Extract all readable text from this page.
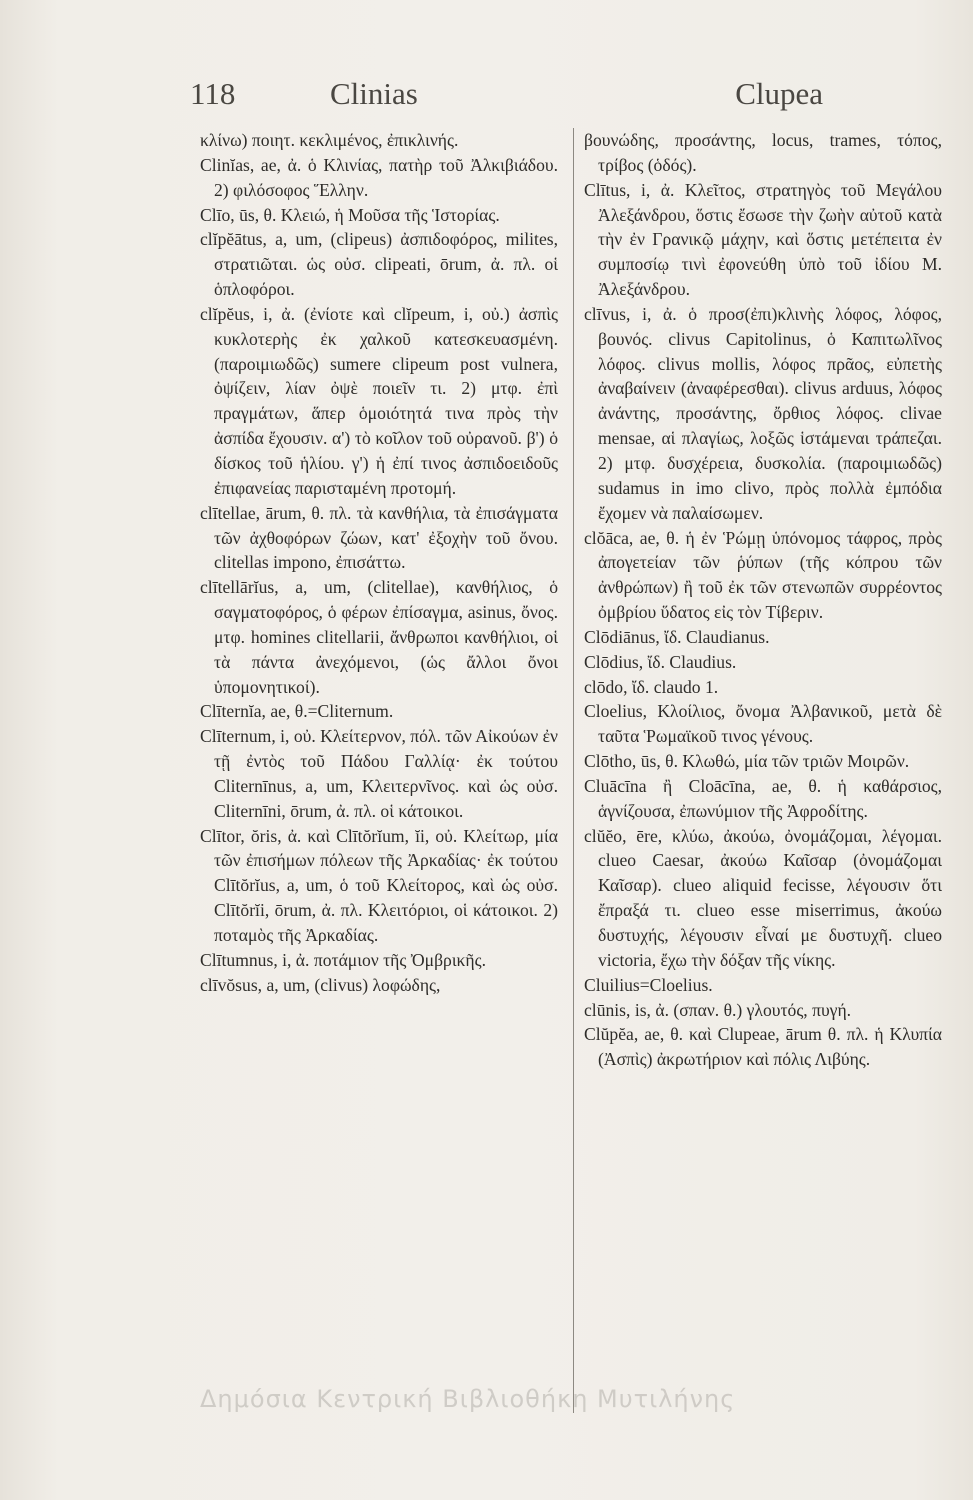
118	Clinias	Clupea

κλίνω) ποιητ. κεκλιμένος, ἐπικλινής.

Clinĭas, ae, ἀ. ὁ Κλινίας, πατὴρ τοῦ Ἀλκιβιάδου. 2) φιλόσοφος Ἕλλην.

Clīo, ūs, θ. Κλειώ, ἡ Μοῦσα τῆς Ἱστορίας.

clĭpĕātus, a, um, (clipeus) ἀσπιδοφόρος, milites, στρατιῶται. ὡς οὐσ. clipeati, ōrum, ἀ. πλ. οἱ ὁπλοφόροι.

clĭpĕus, i, ἀ. (ἐνίοτε καὶ clĭpeum, i, οὐ.) ἀσπὶς κυκλοτερὴς ἐκ χαλκοῦ κατεσκευασμένη. (παροιμιωδῶς) sumere clipeum post vulnera, ὀψίζειν, λίαν ὀψὲ ποιεῖν τι. 2) μτφ. ἐπὶ πραγμάτων, ἅπερ ὁμοιότητά τινα πρὸς τὴν ἀσπίδα ἔχουσιν. α') τὸ κοῖλον τοῦ οὐρανοῦ. β') ὁ δίσκος τοῦ ἡλίου. γ') ἡ ἐπί τινος ἀσπιδοειδοῦς ἐπιφανείας παρισταμένη προτομή.

clītellae, ārum, θ. πλ. τὰ κανθήλια, τὰ ἐπισάγματα τῶν ἀχθοφόρων ζώων, κατ' ἐξοχὴν τοῦ ὄνου. clitellas impono, ἐπισάττω.

clītellārĭus, a, um, (clitellae), κανθήλιος, ὁ σαγματοφόρος, ὁ φέρων ἐπίσαγμα, asinus, ὄνος. μτφ. homines clitellarii, ἄνθρωποι κανθήλιοι, οἱ τὰ πάντα ἀνεχόμενοι, (ὡς ἄλλοι ὄνοι ὑπομονητικοί).

Clīternĭa, ae, θ.=Cliternum.

Clīternum, i, οὐ. Κλείτερνον, πόλ. τῶν Αἰκούων ἐν τῇ ἐντὸς τοῦ Πάδου Γαλλίᾳ· ἐκ τούτου Cliternīnus, a, um, Κλειτερνῖνος. καὶ ὡς οὐσ. Cliternīni, ōrum, ἀ. πλ. οἱ κάτοικοι.

Clītor, ŏris, ἀ. καὶ Clītŏrĭum, ĭi, οὐ. Κλείτωρ, μία τῶν ἐπισήμων πόλεων τῆς Ἀρκαδίας· ἐκ τούτου Clītŏrĭus, a, um, ὁ τοῦ Κλείτορος, καὶ ὡς οὐσ. Clītŏrĭi, ōrum, ἀ. πλ. Κλειτόριοι, οἱ κάτοικοι. 2) ποταμὸς τῆς Ἀρκαδίας.

Clītumnus, i, ἀ. ποτάμιον τῆς Ὀμβρικῆς.

clīvŏsus, a, um, (clivus) λοφώδης,

βουνώδης, προσάντης, locus, trames, τόπος, τρίβος (ὁδός).

Clītus, i, ἀ. Κλεῖτος, στρατηγὸς τοῦ Μεγάλου Ἀλεξάνδρου, ὅστις ἔσωσε τὴν ζωὴν αὐτοῦ κατὰ τὴν ἐν Γρανικῷ μάχην, καὶ ὅστις μετέπειτα ἐν συμποσίῳ τινὶ ἐφονεύθη ὑπὸ τοῦ ἰδίου Μ. Ἀλεξάνδρου.

clīvus, i, ἀ. ὁ προσ(ἐπι)κλινὴς λόφος, λόφος, βουνός. clivus Capitolinus, ὁ Καπιτωλῖνος λόφος. clivus mollis, λόφος πρᾶος, εὐπετὴς ἀναβαίνειν (ἀναφέρεσθαι). clivus arduus, λόφος ἀνάντης, προσάντης, ὄρθιος λόφος. clivae mensae, αἱ πλαγίως, λοξῶς ἱστάμεναι τράπεζαι. 2) μτφ. δυσχέρεια, δυσκολία. (παροιμιωδῶς) sudamus in imo clivo, πρὸς πολλὰ ἐμπόδια ἔχομεν νὰ παλαίσωμεν.

clŏāca, ae, θ. ἡ ἐν Ῥώμῃ ὑπόνομος τάφρος, πρὸς ἀπογετείαν τῶν ῥύπων (τῆς κόπρου τῶν ἀνθρώπων) ἢ τοῦ ἐκ τῶν στενωπῶν συρρέοντος ὀμβρίου ὕδατος εἰς τὸν Τίβεριν.

Clōdiānus, ἴδ. Claudianus.

Clōdius, ἴδ. Claudius.

clōdo, ἴδ. claudo 1.

Cloelius, Κλοίλιος, ὄνομα Ἀλβανικοῦ, μετὰ δὲ ταῦτα Ῥωμαϊκοῦ τινος γένους.

Clōtho, ūs, θ. Κλωθώ, μία τῶν τριῶν Μοιρῶν.

Cluācīna ἢ Cloācīna, ae, θ. ἡ καθάρσιος, ἁγνίζουσα, ἐπωνύμιον τῆς Ἀφροδίτης.

clŭĕo, ēre, κλύω, ἀκούω, ὀνομάζομαι, λέγομαι. clueo Caesar, ἀκούω Καῖσαρ (ὀνομάζομαι Καῖσαρ). clueo aliquid fecisse, λέγουσιν ὅτι ἔπραξά τι. clueo esse miserrimus, ἀκούω δυστυχής, λέγουσιν εἶναί με δυστυχῆ. clueo victoria, ἔχω τὴν δόξαν τῆς νίκης.

Cluilius=Cloelius.

clūnis, is, ἀ. (σπαν. θ.) γλουτός, πυγή.

Clŭpĕa, ae, θ. καὶ Clupeae, ārum θ. πλ. ἡ Κλυπία (Ἀσπὶς) ἀκρωτήριον καὶ πόλις Λιβύης.

Δημόσια Κεντρική Βιβλιοθήκη Μυτιλήνης
